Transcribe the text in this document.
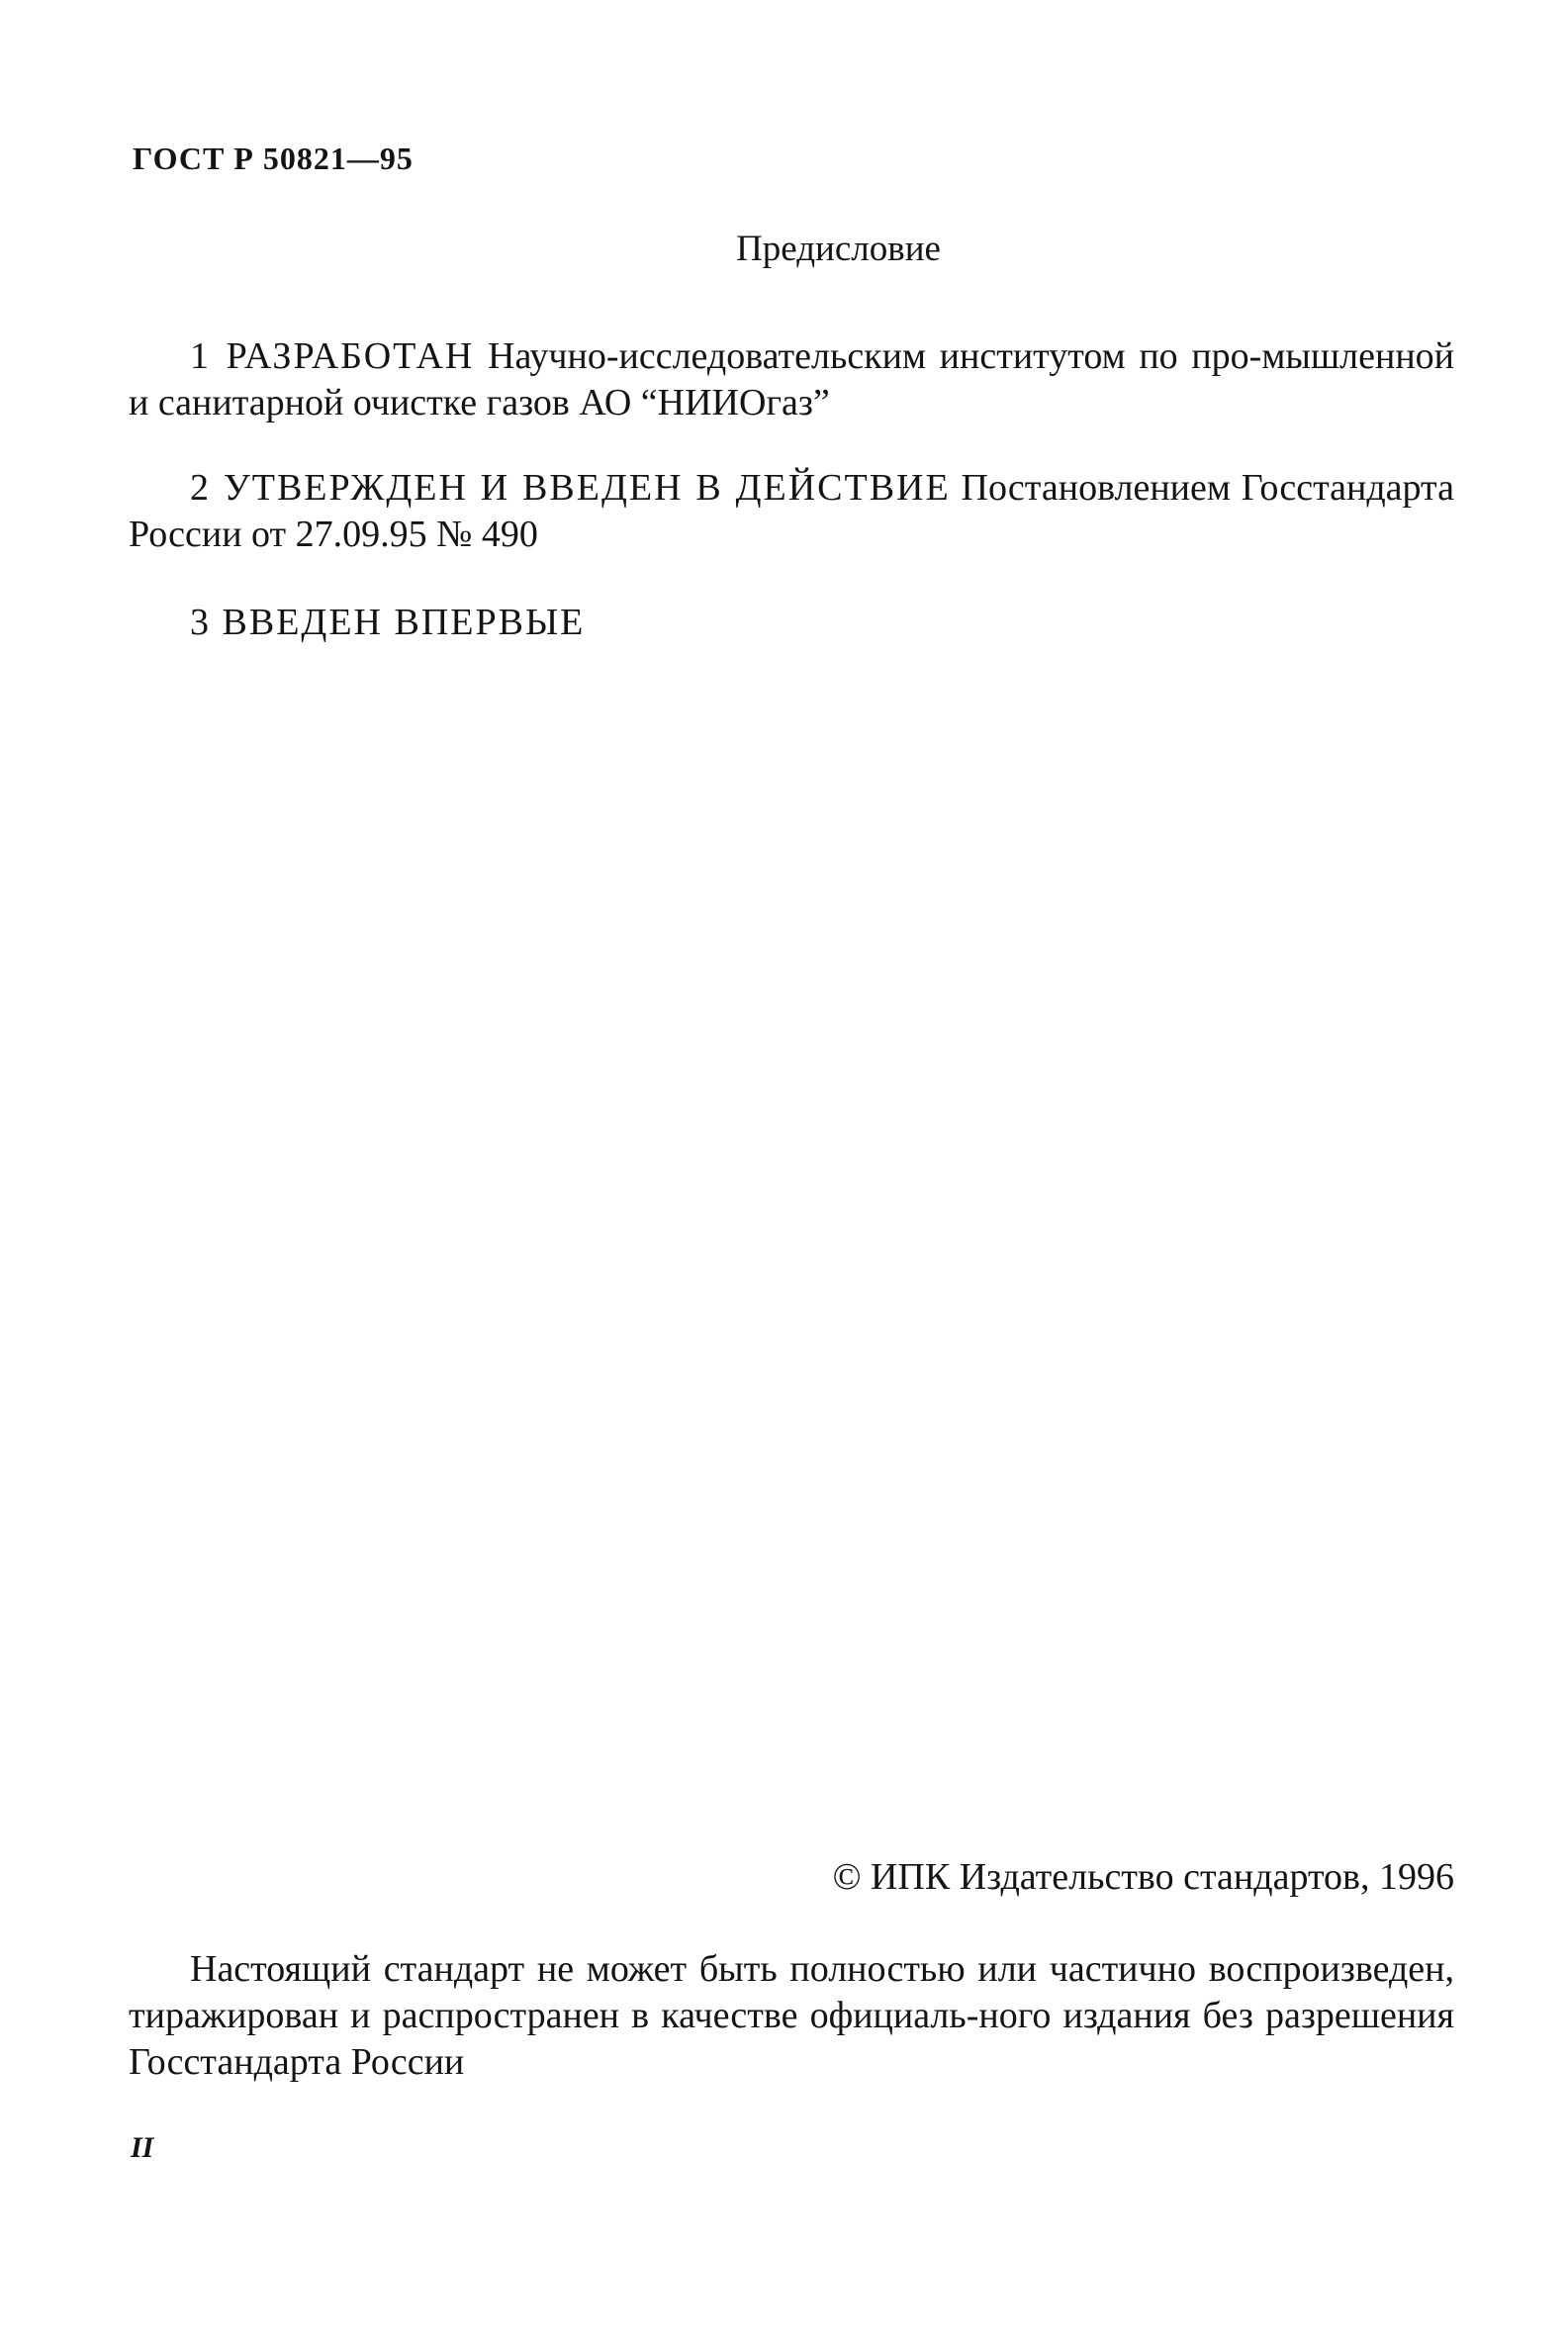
ГОСТ Р 50821—95
Предисловие
1 РАЗРАБОТАН Научно-исследовательским институтом по про-мышленной и санитарной очистке газов АО “НИИОгаз”
2 УТВЕРЖДЕН И ВВЕДЕН В ДЕЙСТВИЕ Постановлением Госстандарта России от 27.09.95 № 490
3 ВВЕДЕН ВПЕРВЫЕ
© ИПК Издательство стандартов, 1996
Настоящий стандарт не может быть полностью или частично воспроизведен, тиражирован и распространен в качестве официаль-ного издания без разрешения Госстандарта России
II
